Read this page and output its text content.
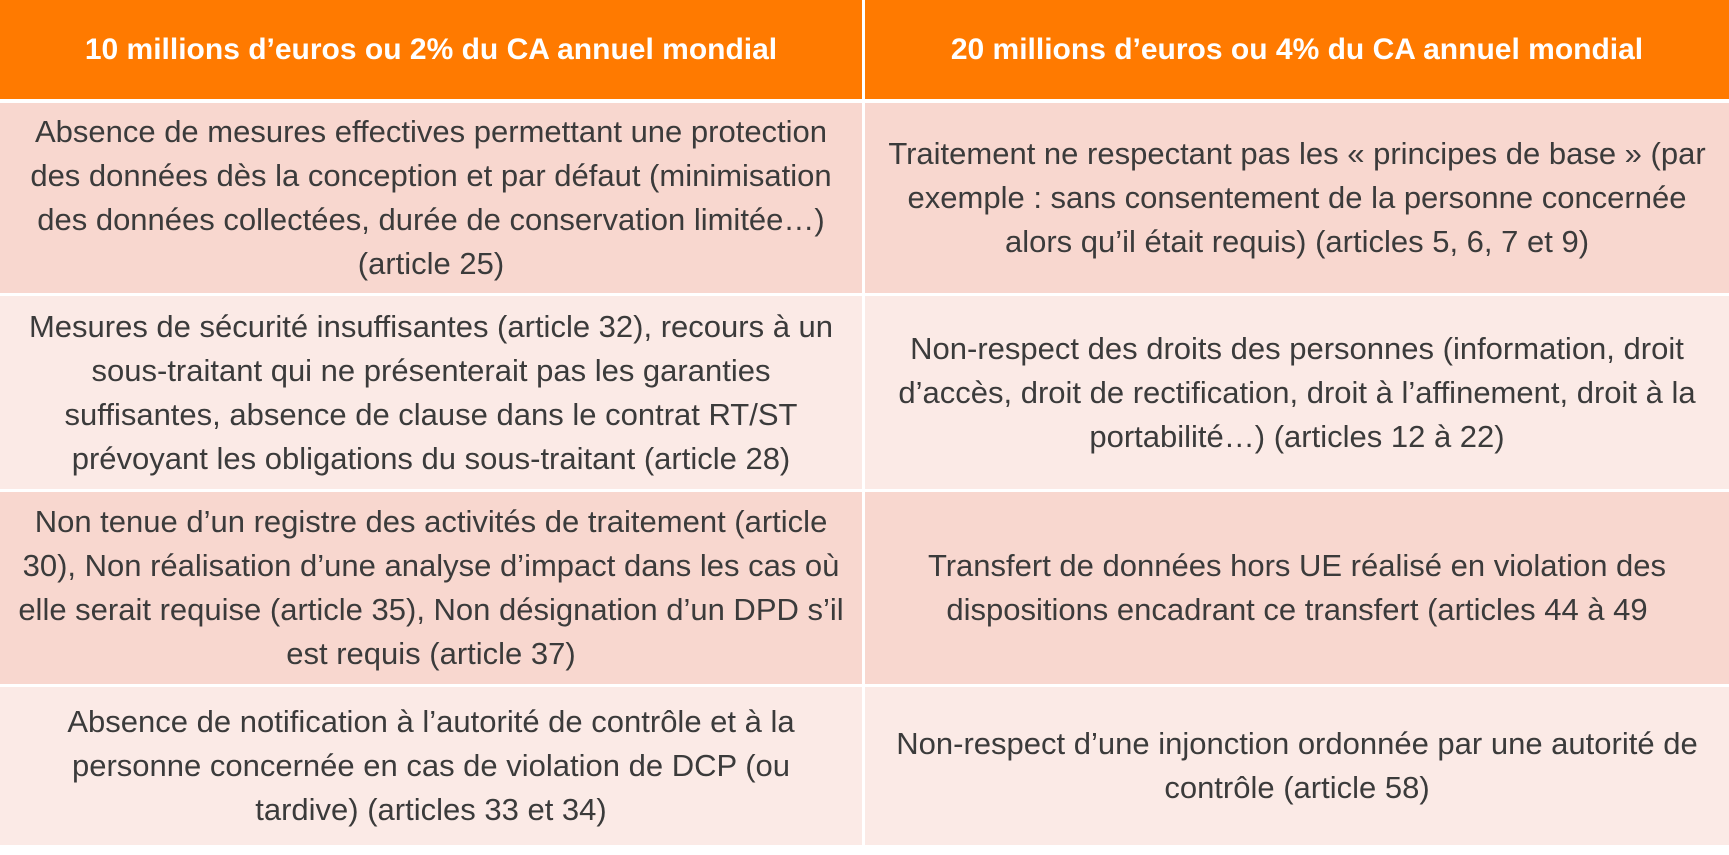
10 millions d’euros ou 2% du CA annuel mondial	20 millions d’euros ou 4% du CA annuel mondial
Absence de mesures effectives permettant une protection des données dès la conception et par défaut (minimisation des données collectées, durée de conservation limitée…) (article 25)
Traitement ne respectant pas les « principes de base » (par exemple : sans consentement de la personne concernée alors qu’il était requis) (articles 5, 6, 7 et 9)
Mesures de sécurité insuffisantes (article 32), recours à un sous-traitant qui ne présenterait pas les garanties suffisantes, absence de clause dans le contrat RT/ST prévoyant les obligations du sous-traitant (article 28)
Non-respect des droits des personnes (information, droit d’accès, droit de rectification, droit à l’affinement, droit à la portabilité…) (articles 12 à 22)
Non tenue d’un registre des activités de traitement (article 30), Non réalisation d’une analyse d’impact dans les cas où elle serait requise (article 35), Non désignation d’un DPD s’il est requis (article 37)
Transfert de données hors UE réalisé en violation des dispositions encadrant ce transfert (articles 44 à 49
Absence de notification à l’autorité de contrôle et à la personne concernée en cas de violation de DCP (ou tardive) (articles 33 et 34)
Non-respect d’une injonction ordonnée par une autorité de contrôle (article 58)
